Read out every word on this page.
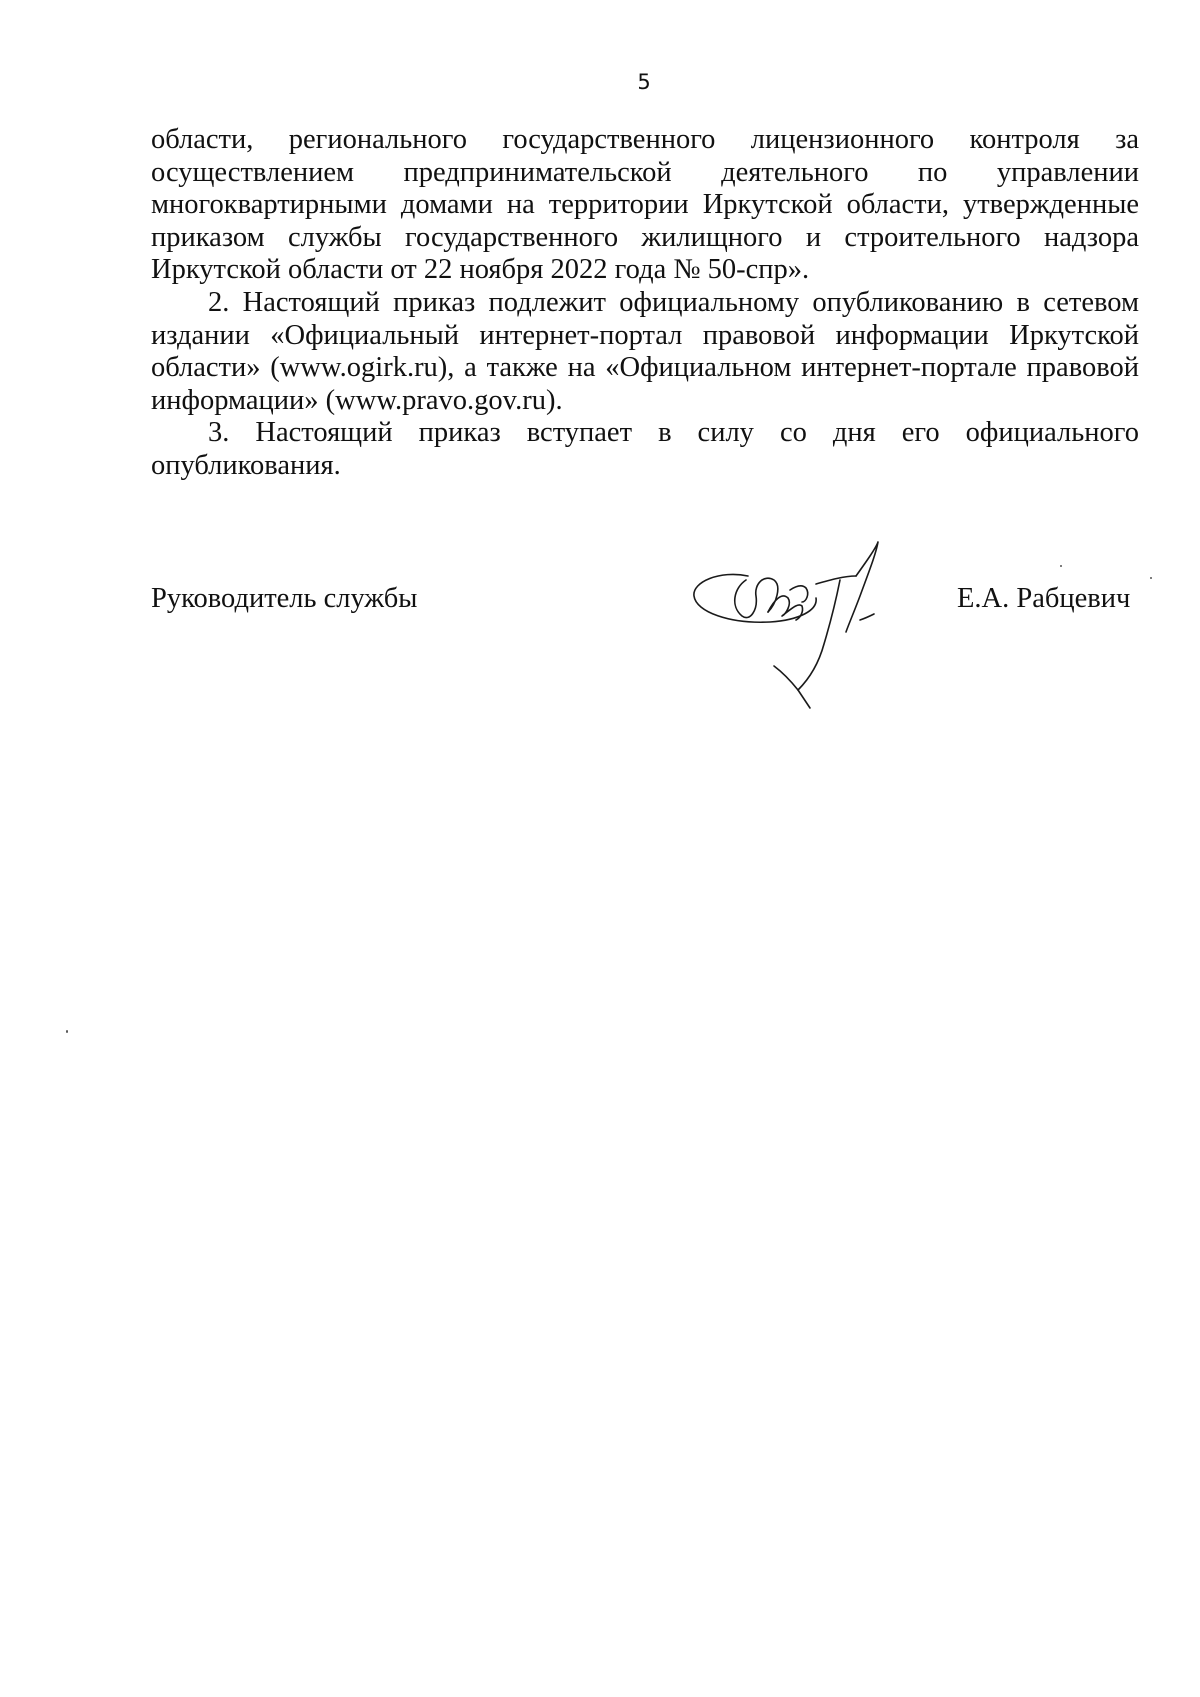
5

области, регионального государственного лицензионного контроля за осуществлением предпринимательской деятельного по управлении многоквартирными домами на территории Иркутской области, утвержденные приказом службы государственного жилищного и строительного надзора Иркутской области от 22 ноября 2022 года № 50-спр».

2. Настоящий приказ подлежит официальному опубликованию в сетевом издании «Официальный интернет-портал правовой информации Иркутской области» (www.ogirk.ru), а также на «Официальном интернет-портале правовой информации» (www.pravo.gov.ru).

3. Настоящий приказ вступает в силу со дня его официального опубликования.

Руководитель службы	Е.А. Рабцевич
